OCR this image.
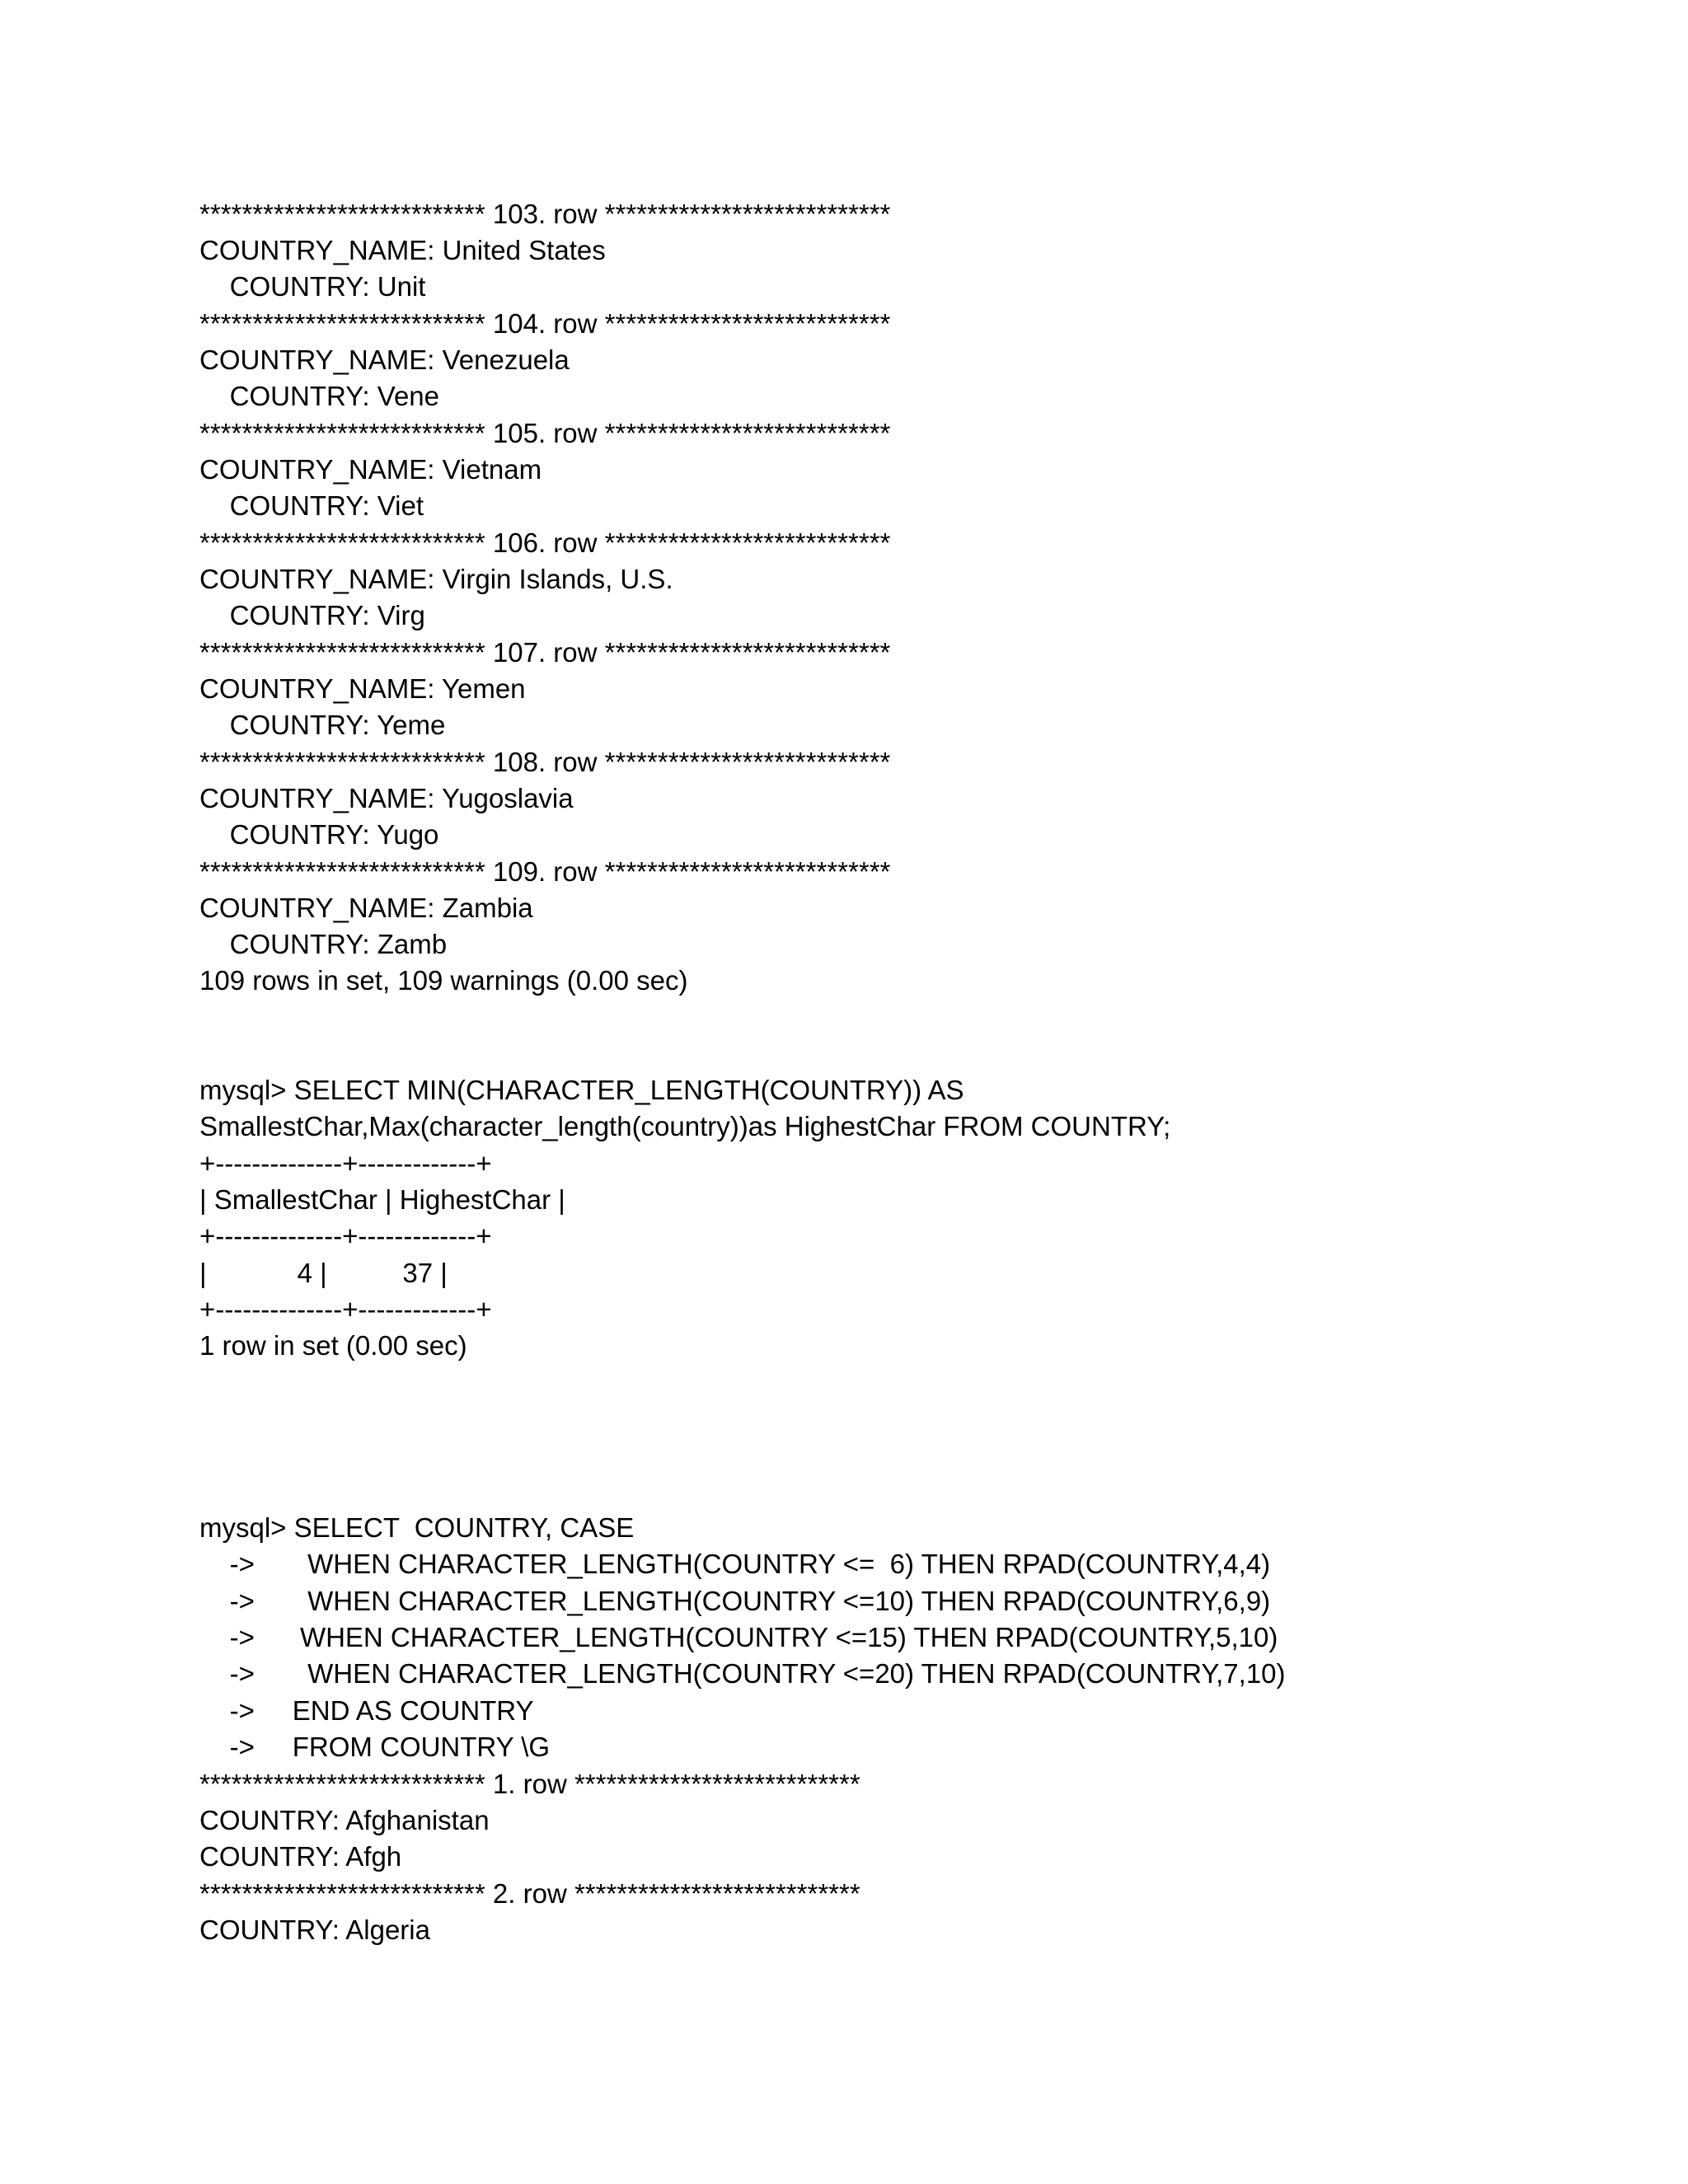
*************************** 103. row ***************************

COUNTRY_NAME: United States

COUNTRY: Unit

*************************** 104. row ***************************

COUNTRY_NAME: Venezuela

COUNTRY: Vene

*************************** 105. row ***************************

COUNTRY_NAME: Vietnam

COUNTRY: Viet

*************************** 106. row ***************************

COUNTRY_NAME: Virgin Islands, U.S.

COUNTRY: Virg

*************************** 107. row ***************************

COUNTRY_NAME: Yemen

COUNTRY: Yeme

*************************** 108. row ***************************

COUNTRY_NAME: Yugoslavia

COUNTRY: Yugo

*************************** 109. row ***************************

COUNTRY_NAME: Zambia

COUNTRY: Zamb

109 rows in set, 109 warnings (0.00 sec)

mysql> SELECT MIN(CHARACTER_LENGTH(COUNTRY)) AS

SmallestChar,Max(character_length(country))as HighestChar FROM COUNTRY;

+--------------+-------------+

| SmallestChar | HighestChar |

+--------------+-------------+

|            4 |          37 |

+--------------+-------------+

1 row in set (0.00 sec)

mysql> SELECT  COUNTRY, CASE

->       WHEN CHARACTER_LENGTH(COUNTRY <=  6) THEN RPAD(COUNTRY,4,4)

->       WHEN CHARACTER_LENGTH(COUNTRY <=10) THEN RPAD(COUNTRY,6,9)

->      WHEN CHARACTER_LENGTH(COUNTRY <=15) THEN RPAD(COUNTRY,5,10)

->       WHEN CHARACTER_LENGTH(COUNTRY <=20) THEN RPAD(COUNTRY,7,10)

->     END AS COUNTRY

->     FROM COUNTRY \G

*************************** 1. row ***************************

COUNTRY: Afghanistan

COUNTRY: Afgh

*************************** 2. row ***************************

COUNTRY: Algeria
